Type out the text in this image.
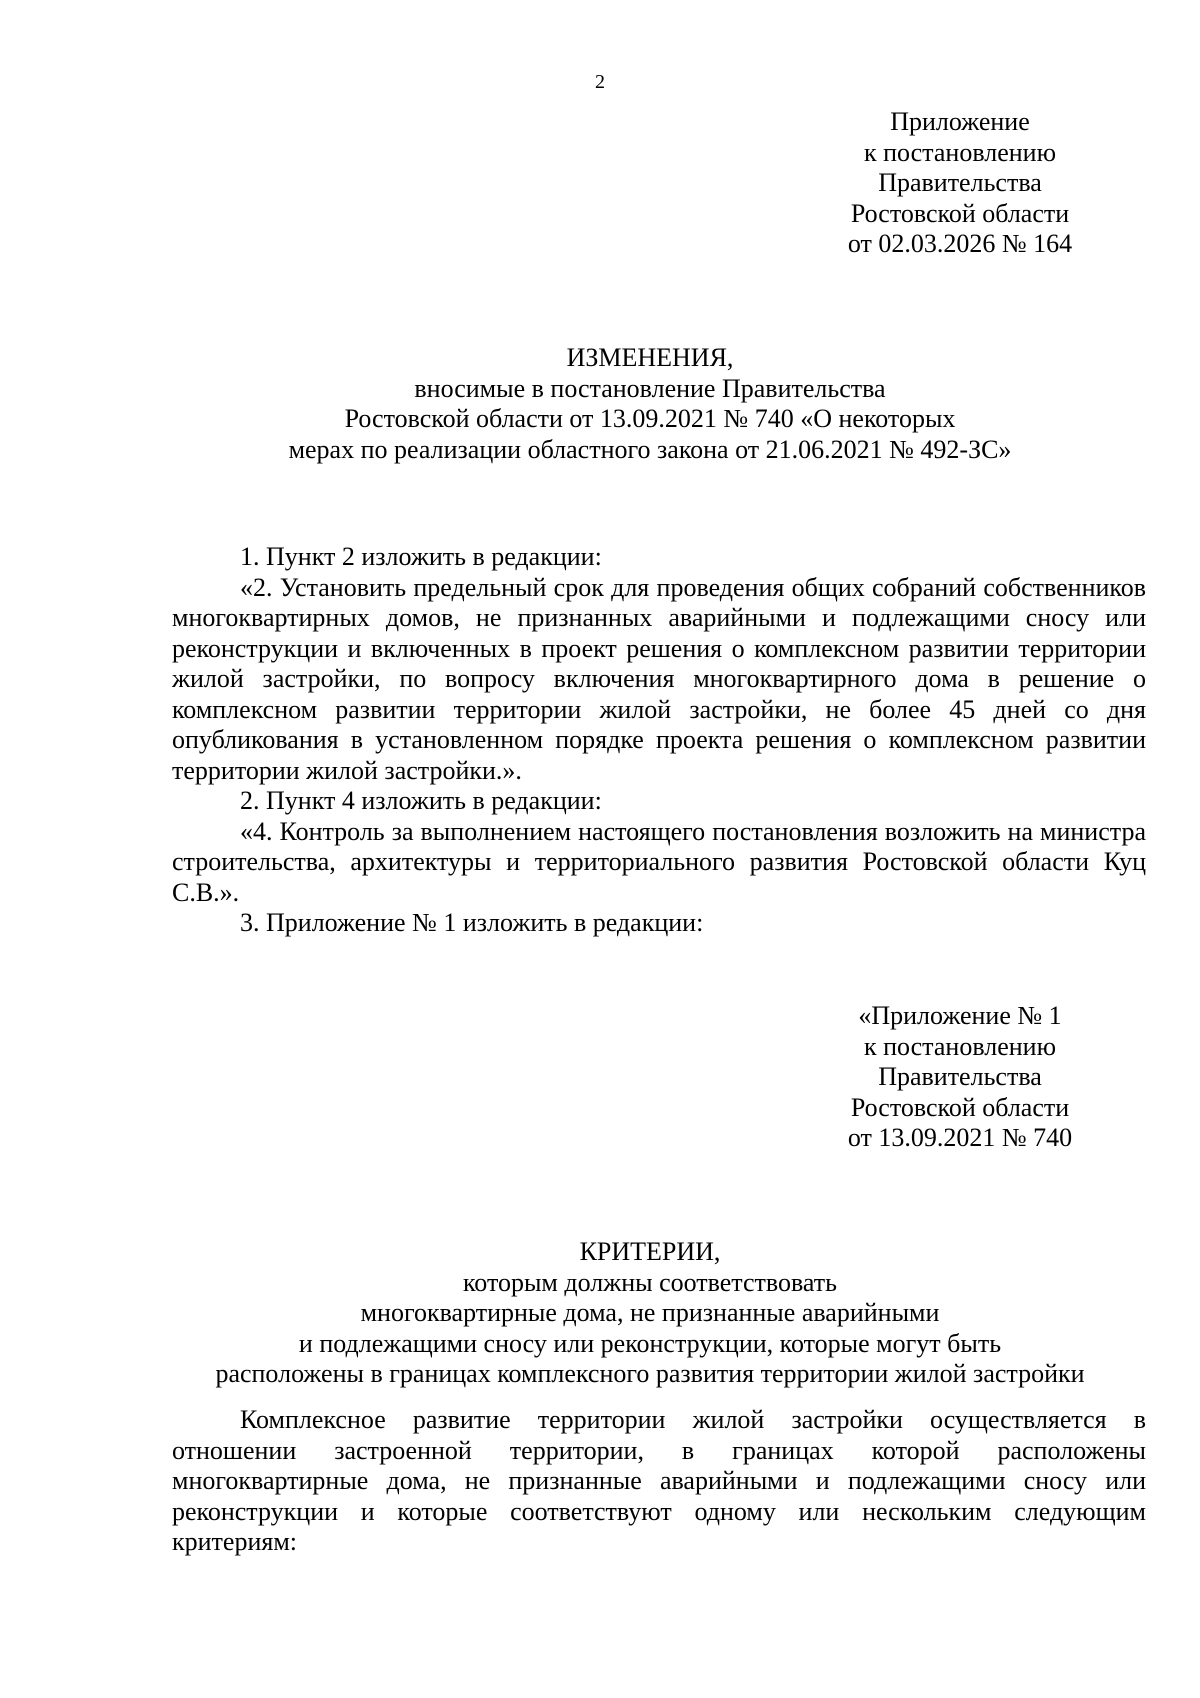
2
Приложение
к постановлению
Правительства
Ростовской области
от 02.03.2026 № 164
ИЗМЕНЕНИЯ,
вносимые в постановление Правительства
Ростовской области от 13.09.2021 № 740 «О некоторых
мерах по реализации областного закона от 21.06.2021 № 492-ЗС»

1. Пункт 2 изложить в редакции:

«2. Установить предельный срок для проведения общих собраний собственников многоквартирных домов, не признанных аварийными и подлежащими сносу или реконструкции и включенных в проект решения о комплексном развитии территории жилой застройки, по вопросу включения многоквартирного дома в решение о комплексном развитии территории жилой застройки, не более 45 дней со дня опубликования в установленном порядке проекта решения о комплексном развитии территории жилой застройки.».

2. Пункт 4 изложить в редакции:

«4. Контроль за выполнением настоящего постановления возложить на министра строительства, архитектуры и территориального развития Ростовской области Куц С.В.».

3. Приложение № 1 изложить в редакции:

«Приложение № 1
к постановлению
Правительства
Ростовской области
от 13.09.2021 № 740
КРИТЕРИИ,
которым должны соответствовать
многоквартирные дома, не признанные аварийными
и подлежащими сносу или реконструкции, которые могут быть
расположены в границах комплексного развития территории жилой застройки

Комплексное развитие территории жилой застройки осуществляется в отношении застроенной территории, в границах которой расположены многоквартирные дома, не признанные аварийными и подлежащими сносу или реконструкции и которые соответствуют одному или нескольким следующим критериям:
